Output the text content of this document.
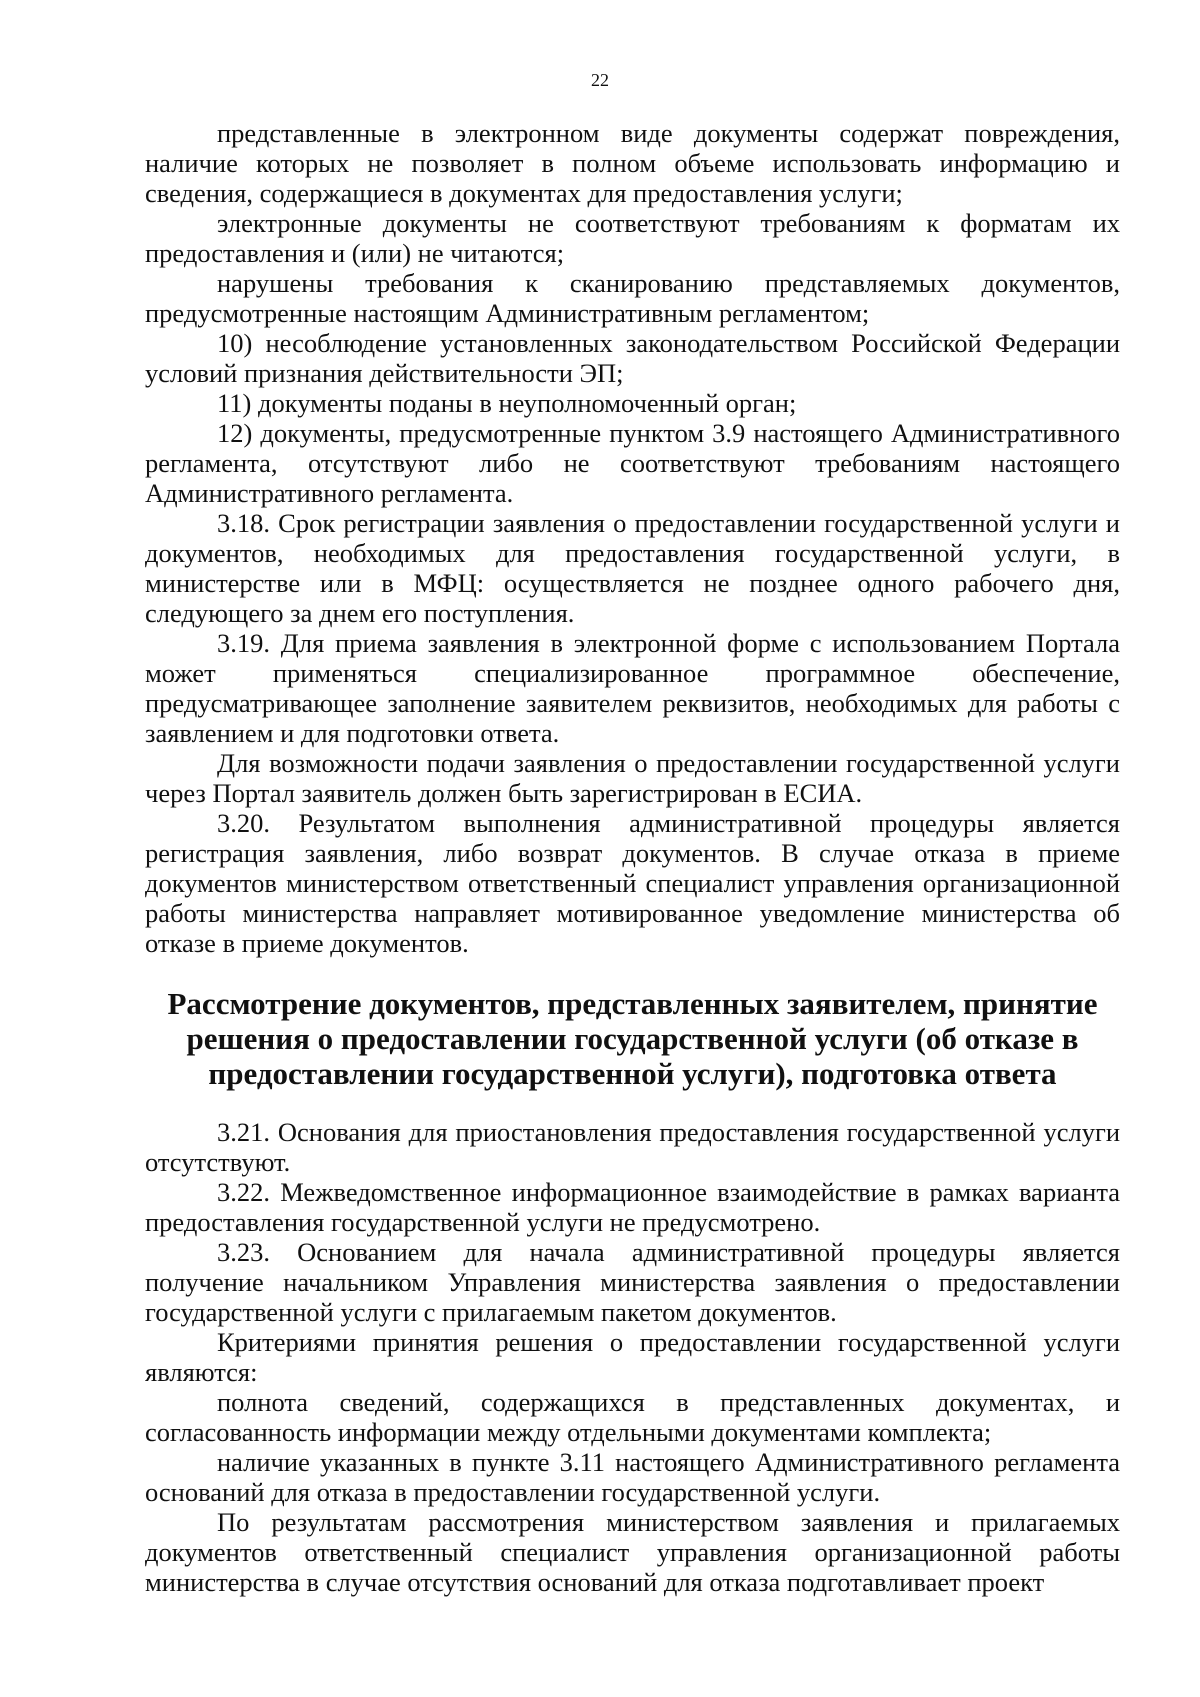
22

представленные в электронном виде документы содержат повреждения, наличие которых не позволяет в полном объеме использовать информацию и сведения, содержащиеся в документах для предоставления услуги;

электронные документы не соответствуют требованиям к форматам их предоставления и (или) не читаются;

нарушены требования к сканированию представляемых документов, предусмотренные настоящим Административным регламентом;

10) несоблюдение установленных законодательством Российской Федерации условий признания действительности ЭП;

11) документы поданы в неуполномоченный орган;

12) документы, предусмотренные пунктом 3.9 настоящего Административного регламента, отсутствуют либо не соответствуют требованиям настоящего Административного регламента.

3.18. Срок регистрации заявления о предоставлении государственной услуги и документов, необходимых для предоставления государственной услуги, в министерстве или в МФЦ: осуществляется не позднее одного рабочего дня, следующего за днем его поступления.

3.19. Для приема заявления в электронной форме с использованием Портала может применяться специализированное программное обеспечение, предусматривающее заполнение заявителем реквизитов, необходимых для работы с заявлением и для подготовки ответа.

Для возможности подачи заявления о предоставлении государственной услуги через Портал заявитель должен быть зарегистрирован в ЕСИА.

3.20. Результатом выполнения административной процедуры является регистрация заявления, либо возврат документов. В случае отказа в приеме документов министерством ответственный специалист управления организационной работы министерства направляет мотивированное уведомление министерства об отказе в приеме документов.

Рассмотрение документов, представленных заявителем, принятие решения о предоставлении государственной услуги (об отказе в предоставлении государственной услуги), подготовка ответа

3.21. Основания для приостановления предоставления государственной услуги отсутствуют.

3.22. Межведомственное информационное взаимодействие в рамках варианта предоставления государственной услуги не предусмотрено.

3.23. Основанием для начала административной процедуры является получение начальником Управления министерства заявления о предоставлении государственной услуги с прилагаемым пакетом документов.

Критериями принятия решения о предоставлении государственной услуги являются:

полнота сведений, содержащихся в представленных документах, и согласованность информации между отдельными документами комплекта;

наличие указанных в пункте 3.11 настоящего Административного регламента оснований для отказа в предоставлении государственной услуги.

По результатам рассмотрения министерством заявления и прилагаемых документов ответственный специалист управления организационной работы министерства в случае отсутствия оснований для отказа подготавливает проект
